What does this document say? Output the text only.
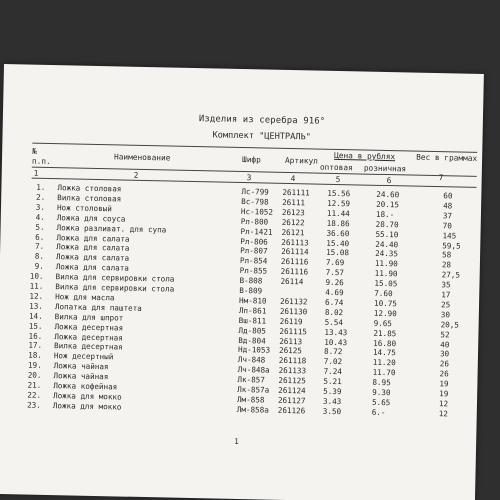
Изделия из серебра 916°
Комплект "ЦЕНТРАЛЬ"
№
п.п.	Наименование	Шифр	Артикул Цена в рублях
оптовая розничная
Вес в граммах
1	2	3	4	5	6	7
1. Ложка столовая	Лс-799 261111 15.56	24.60	60
2. Вилка столовая	Вс-798 26111	12.59	20.15	48
3. Нож столовый	Нс-1052 26123	11.44	18.-	37
4. Ложка для соуса	Рл-800 26122	18.86	28.70	70
5. Ложка разливат. для супа	Рл-1421 26121	36.60	55.10	145
6. Ложка для салата	Рл-806 261113 15.40	24.40	59,5
7. Ложка для салата	Рл-807 261114 15.08	24.35	58
8. Ложка для салата	Рл-854 261116 7.69	11.90	28
9. Ложка для салата	Рл-855 261116 7.57	11.90	27,5
10. Вилка для сервировки стола	В-808 26114	9.26	15.05	35
11. Вилка для сервировки стола	В-809	4.69	7.60	17
12. Нож для масла	Нм-810 261132 6.74	10.75	25
13. Лопатка для паштета	Лп-861 261130 8.02	12.90	30
14. Вилка для шпрот	Вш-811 26119	5.54	9.65	20,5
15. Ложка десертная	Лд-805 261115 13.43	21.85	52
16. Ложка десертная	Вд-804 26113	10.43	16.80	40
17. Вилка десертная	Нд-1053 26125	8.72	14.75	30
18. Нож десертный	Лч-848 261118 7.02	11.20	26
19. Ложка чайная	Лч-848а 261133 7.24	11.70	26
20. Ложка чайная	Лк-857 261125 5.21	8.95	19
21. Ложка кофейная	Лк-857а 261124 5.39	9.30	19
22. Ложка для мокко	Лм-858 261127 3.43	5.65	12
23. Ложка для мокко	Лм-858а 261126 3.50	6.-	12
1
